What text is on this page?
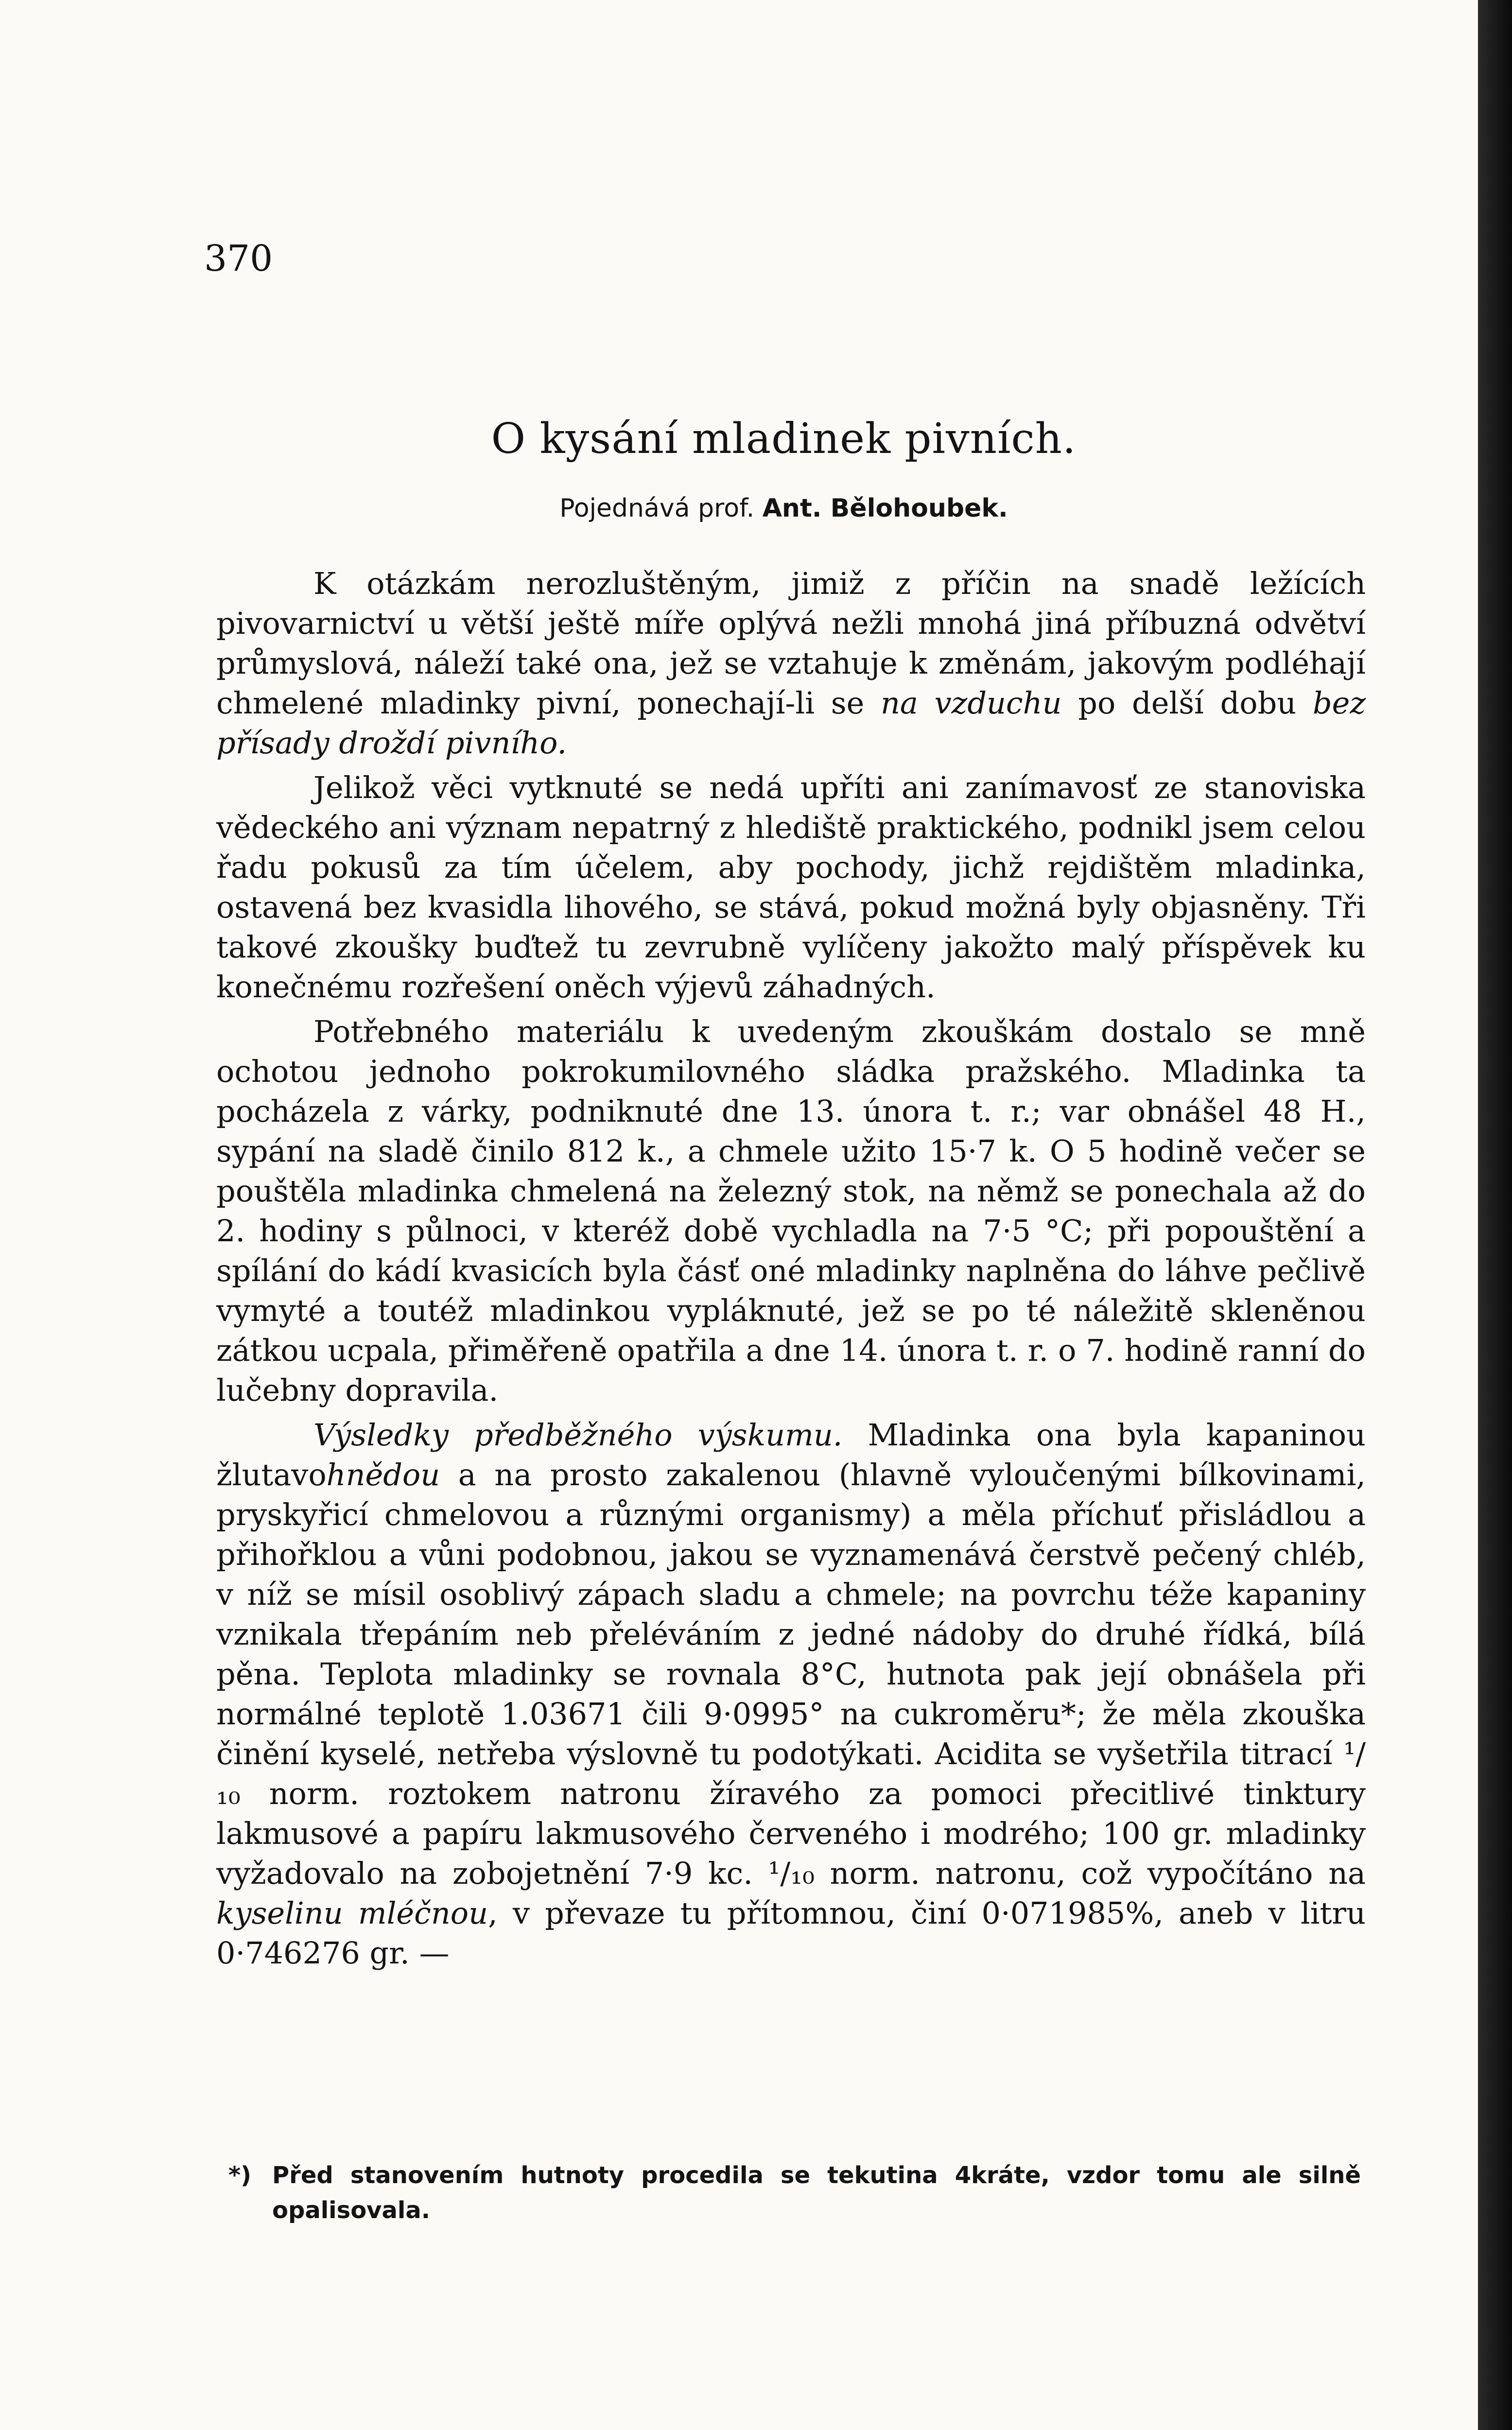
370
O kysání mladinek pivních.
Pojednává prof. Ant. Bělohoubek.

K otázkám nerozluštěným, jimiž z příčin na snadě ležících pivovarnictví u větší ještě míře oplývá nežli mnohá jiná příbuzná odvětví průmyslová, náleží také ona, jež se vztahuje k změnám, jakovým podléhají chmelené mladinky pivní, ponechají-li se na vzduchu po delší dobu bez přísady droždí pivního.

Jelikož věci vytknuté se nedá upříti ani zanímavosť ze stanoviska vědeckého ani význam nepatrný z hlediště praktického, podnikl jsem celou řadu pokusů za tím účelem, aby pochody, jichž rejdištěm mladinka, ostavená bez kvasidla lihového, se stává, pokud možná byly objasněny. Tři takové zkoušky buďtež tu zevrubně vylíčeny jakožto malý příspěvek ku konečnému rozřešení oněch výjevů záhadných.

Potřebného materiálu k uvedeným zkouškám dostalo se mně ochotou jednoho pokrokumilovného sládka pražského. Mladinka ta pocházela z várky, podniknuté dne 13. února t. r.; var obnášel 48 H., sypání na sladě činilo 812 k., a chmele užito 15·7 k. O 5 hodině večer se pouštěla mladinka chmelená na železný stok, na němž se ponechala až do 2. hodiny s půlnoci, v kteréž době vychladla na 7·5 °C; při popouštění a spílání do kádí kvasicích byla čásť oné mladinky naplněna do láhve pečlivě vymyté a toutéž mladinkou vypláknuté, jež se po té náležitě skleněnou zátkou ucpala, přiměřeně opatřila a dne 14. února t. r. o 7. hodině ranní do lučebny dopravila.

Výsledky předběžného výskumu. Mladinka ona byla kapaninou žlutavohnědou a na prosto zakalenou (hlavně vyloučenými bílkovinami, pryskyřicí chmelovou a různými organismy) a měla příchuť přisládlou a přihořklou a vůni podobnou, jakou se vyznamenává čerstvě pečený chléb, v níž se mísil osoblivý zápach sladu a chmele; na povrchu téže kapaniny vznikala třepáním neb přeléváním z jedné nádoby do druhé řídká, bílá pěna. Teplota mladinky se rovnala 8°C, hutnota pak její obnášela při normálné teplotě 1.03671 čili 9·0995° na cukroměru*; že měla zkouška činění kyselé, netřeba výslovně tu podotýkati. Acidita se vyšetřila titrací ¹/₁₀ norm. roztokem natronu žíravého za pomoci přecitlivé tinktury lakmusové a papíru lakmusového červeného i modrého; 100 gr. mladinky vyžadovalo na zobojetnění 7·9 kc. ¹/₁₀ norm. natronu, což vypočítáno na kyselinu mléčnou, v převaze tu přítomnou, činí 0·071985%, aneb v litru 0·746276 gr. —

*) Před stanovením hutnoty procedila se tekutina 4kráte, vzdor tomu ale silně opalisovala.
